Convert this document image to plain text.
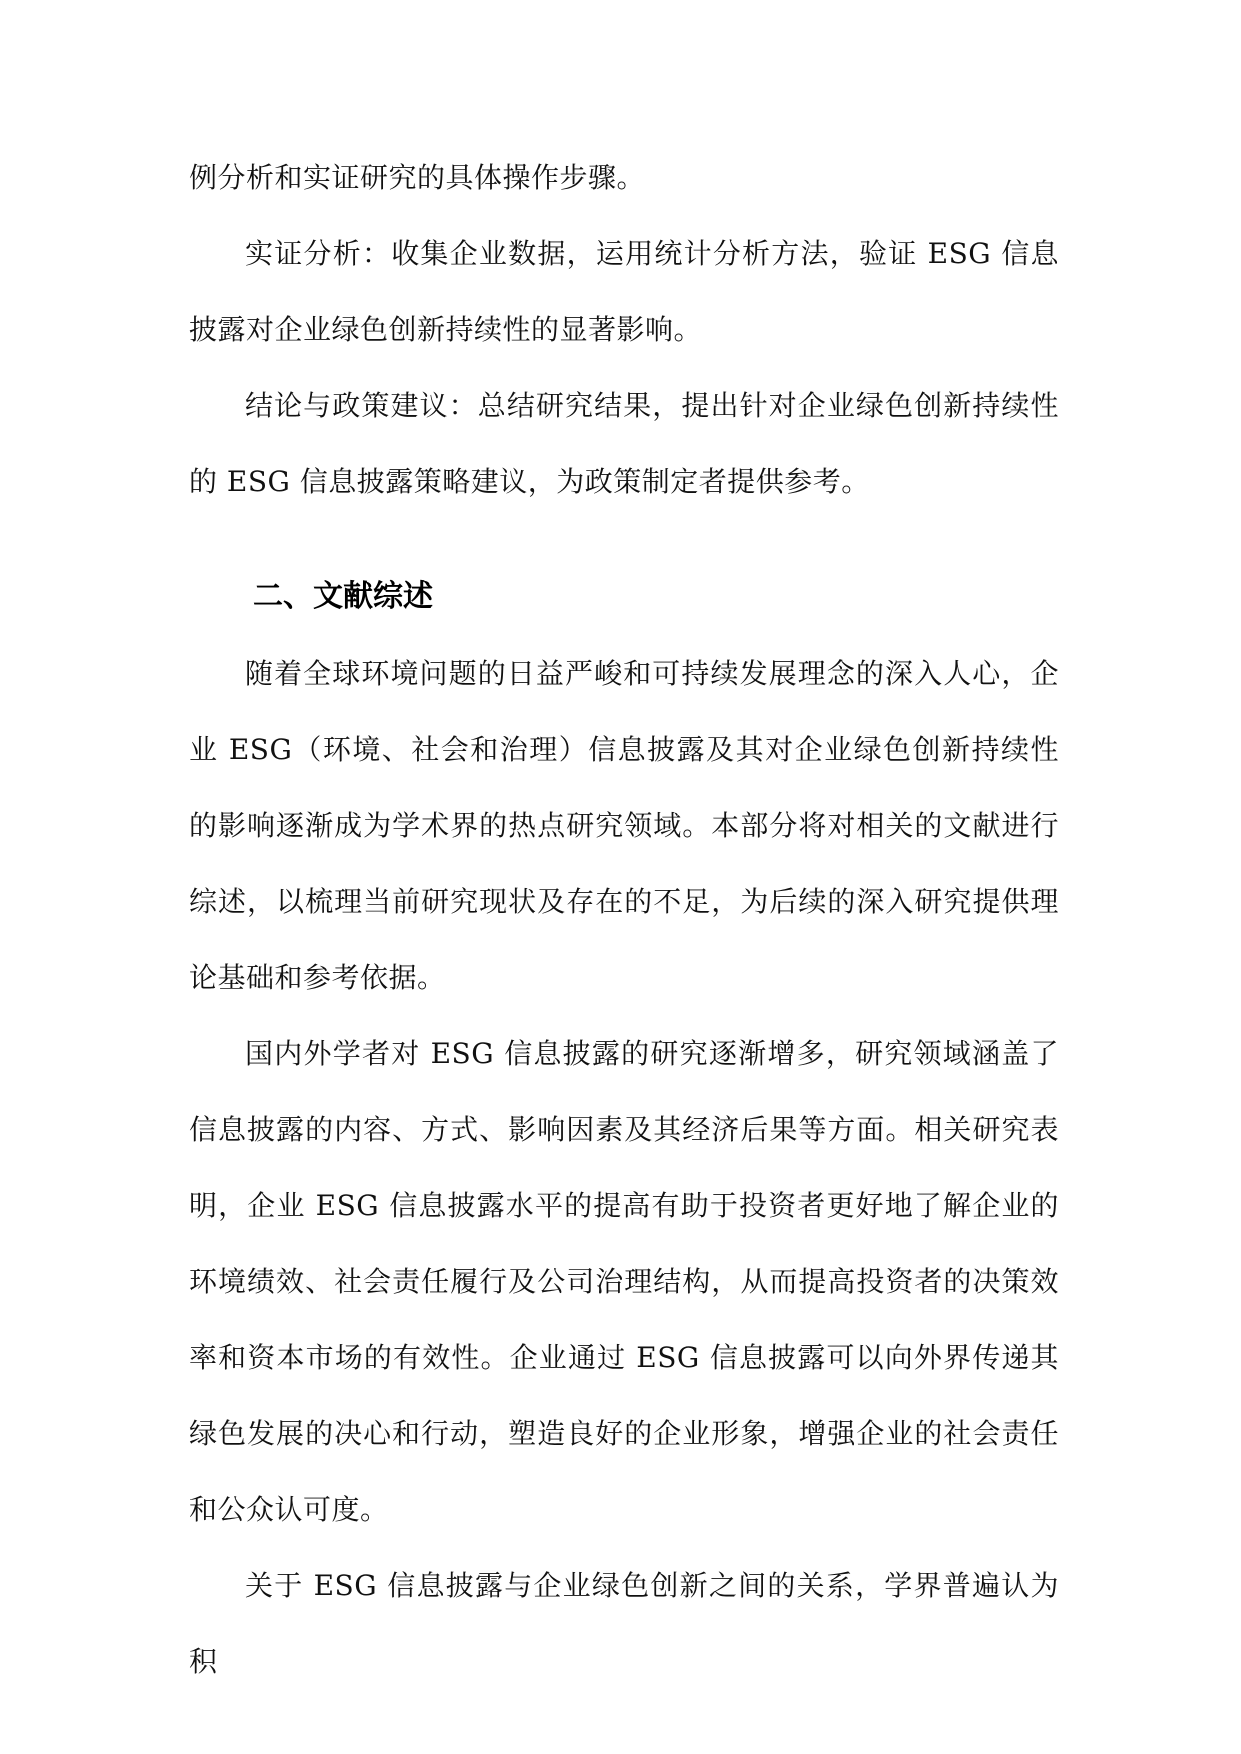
例分析和实证研究的具体操作步骤。

实证分析：收集企业数据，运用统计分析方法，验证 ESG 信息披露对企业绿色创新持续性的显著影响。

结论与政策建议：总结研究结果，提出针对企业绿色创新持续性的 ESG 信息披露策略建议，为政策制定者提供参考。

二、文献综述

随着全球环境问题的日益严峻和可持续发展理念的深入人心，企业 ESG（环境、社会和治理）信息披露及其对企业绿色创新持续性的影响逐渐成为学术界的热点研究领域。本部分将对相关的文献进行综述，以梳理当前研究现状及存在的不足，为后续的深入研究提供理论基础和参考依据。

国内外学者对 ESG 信息披露的研究逐渐增多，研究领域涵盖了信息披露的内容、方式、影响因素及其经济后果等方面。相关研究表明，企业 ESG 信息披露水平的提高有助于投资者更好地了解企业的环境绩效、社会责任履行及公司治理结构，从而提高投资者的决策效率和资本市场的有效性。企业通过 ESG 信息披露可以向外界传递其绿色发展的决心和行动，塑造良好的企业形象，增强企业的社会责任和公众认可度。

关于 ESG 信息披露与企业绿色创新之间的关系，学界普遍认为积
